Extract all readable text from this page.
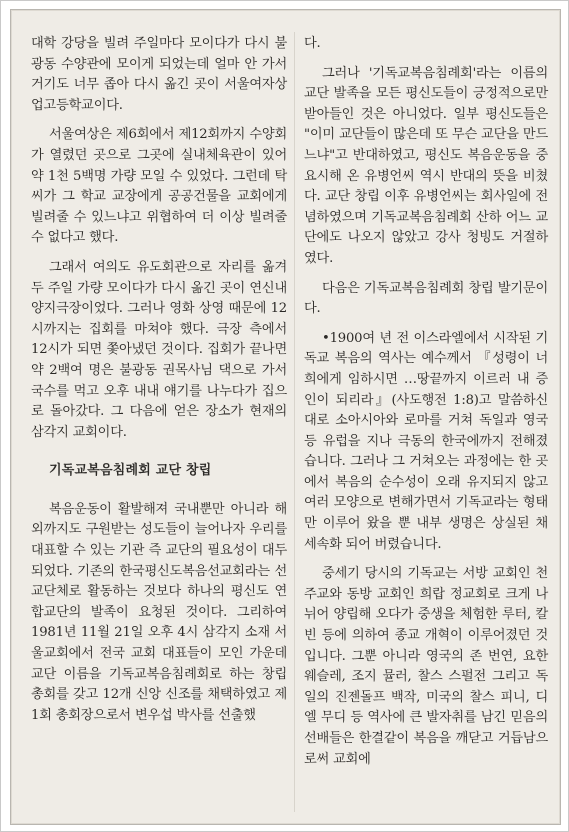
대학 강당을 빌려 주일마다 모이다가 다시 불광동 수양관에 모이게 되었는데 얼마 안 가서 거기도 너무 좁아 다시 옮긴 곳이 서울여자상업고등학교이다.

서울여상은 제6회에서 제12회까지 수양회가 열렸던 곳으로 그곳에 실내체육관이 있어 약 1천 5백명 가량 모일 수 있었다. 그런데 탁씨가 그 학교 교장에게 공공건물을 교회에게 빌려줄 수 있느냐고 위협하여 더 이상 빌려줄 수 없다고 했다.

그래서 여의도 유도회관으로 자리를 옮겨 두 주일 가량 모이다가 다시 옮긴 곳이 연신내 양지극장이었다. 그러나 영화 상영 때문에 12시까지는 집회를 마쳐야 했다. 극장 측에서 12시가 되면 쫓아냈던 것이다. 집회가 끝나면 약 2백여 명은 불광동 권목사님 댁으로 가서 국수를 먹고 오후 내내 얘기를 나누다가 집으로 돌아갔다. 그 다음에 얻은 장소가 현재의 삼각지 교회이다.

기독교복음침례회 교단 창립

복음운동이 활발해져 국내뿐만 아니라 해외까지도 구원받는 성도들이 늘어나자 우리를 대표할 수 있는 기관 즉 교단의 필요성이 대두되었다. 기존의 한국평신도복음선교회라는 선교단체로 활동하는 것보다 하나의 평신도 연합교단의 발족이 요청된 것이다. 그리하여 1981년 11월 21일 오후 4시 삼각지 소재 서울교회에서 전국 교회 대표들이 모인 가운데 교단 이름을 기독교복음침례회로 하는 창립 총회를 갖고 12개 신앙 신조를 채택하였고 제1회 총회장으로서 변우섭 박사를 선출했

다.

그러나 '기독교복음침례회'라는 이름의 교단 발족을 모든 평신도들이 긍정적으로만 받아들인 것은 아니었다. 일부 평신도들은 "이미 교단들이 많은데 또 무슨 교단을 만드느냐"고 반대하였고, 평신도 복음운동을 중요시해 온 유병언씨 역시 반대의 뜻을 비쳤다. 교단 창립 이후 유병언씨는 회사일에 전념하였으며 기독교복음침례회 산하 어느 교단에도 나오지 않았고 강사 청빙도 거절하였다.

다음은 기독교복음침례회 창립 발기문이다.

•1900여 년 전 이스라엘에서 시작된 기독교 복음의 역사는 예수께서 『성령이 너희에게 임하시면 …땅끝까지 이르러 내 증인이 되리라』(사도행전 1:8)고 말씀하신 대로 소아시아와 로마를 거쳐 독일과 영국 등 유럽을 지나 극동의 한국에까지 전해졌습니다. 그러나 그 거쳐오는 과정에는 한 곳에서 복음의 순수성이 오래 유지되지 않고 여러 모양으로 변해가면서 기독교라는 형태만 이루어 왔을 뿐 내부 생명은 상실된 채 세속화 되어 버렸습니다.

중세기 당시의 기독교는 서방 교회인 천주교와 동방 교회인 희랍 정교회로 크게 나뉘어 양립해 오다가 중생을 체험한 루터, 칼빈 등에 의하여 종교 개혁이 이루어졌던 것입니다. 그뿐 아니라 영국의 존 번연, 요한 웨슬레, 조지 뮬러, 찰스 스펄전 그리고 독일의 진젠돌프 백작, 미국의 찰스 피니, 디엘 무디 등 역사에 큰 발자취를 남긴 믿음의 선배들은 한결같이 복음을 깨닫고 거듭남으로써 교회에
